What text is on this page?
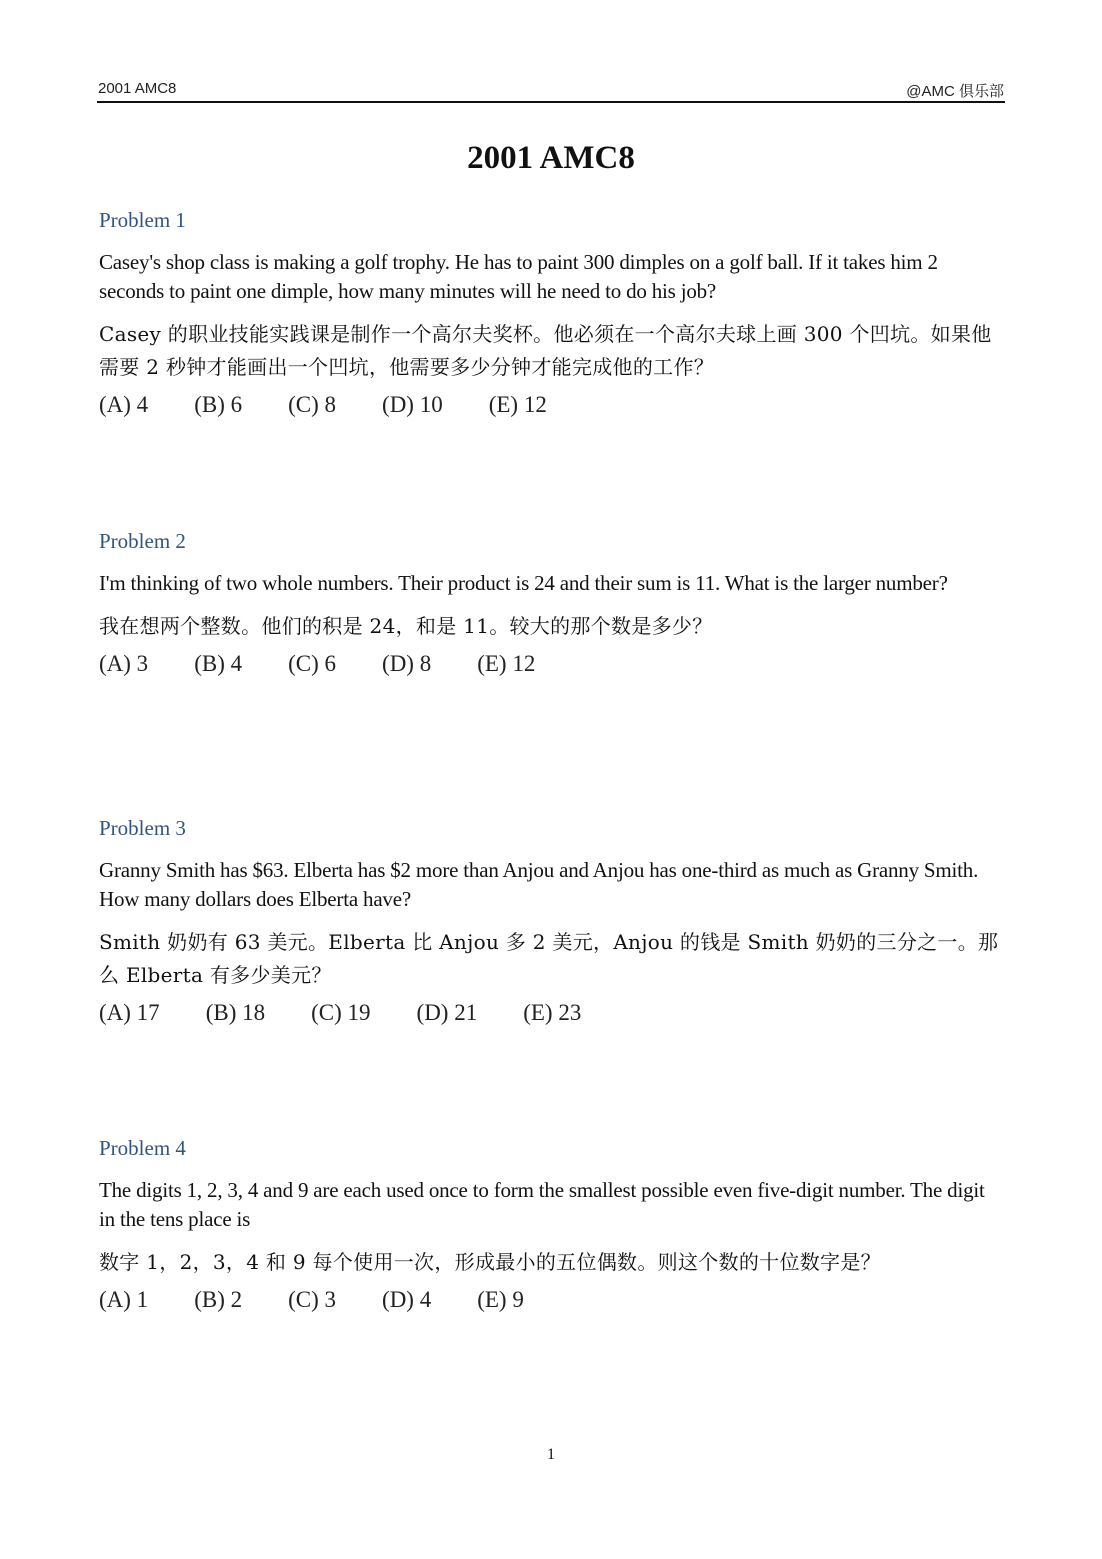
2001 AMC8	@AMC 俱乐部
2001 AMC8
Problem 1
Casey's shop class is making a golf trophy. He has to paint 300 dimples on a golf ball. If it takes him 2 seconds to paint one dimple, how many minutes will he need to do his job?
Casey 的职业技能实践课是制作一个高尔夫奖杯。他必须在一个高尔夫球上画 300 个凹坑。如果他需要 2 秒钟才能画出一个凹坑，他需要多少分钟才能完成他的工作？
(A) 4 (B) 6 (C) 8 (D) 10 (E) 12
Problem 2
I'm thinking of two whole numbers. Their product is 24 and their sum is 11. What is the larger number?
我在想两个整数。他们的积是 24，和是 11。较大的那个数是多少？
(A) 3 (B) 4 (C) 6 (D) 8 (E) 12
Problem 3
Granny Smith has $63. Elberta has $2 more than Anjou and Anjou has one-third as much as Granny Smith. How many dollars does Elberta have?
Smith 奶奶有 63 美元。Elberta 比 Anjou 多 2 美元，Anjou 的钱是 Smith 奶奶的三分之一。那么 Elberta 有多少美元？
(A) 17 (B) 18 (C) 19 (D) 21 (E) 23
Problem 4
The digits 1, 2, 3, 4 and 9 are each used once to form the smallest possible even five-digit number. The digit in the tens place is
数字 1，2，3，4 和 9 每个使用一次，形成最小的五位偶数。则这个数的十位数字是？
(A) 1 (B) 2 (C) 3 (D) 4 (E) 9
1
